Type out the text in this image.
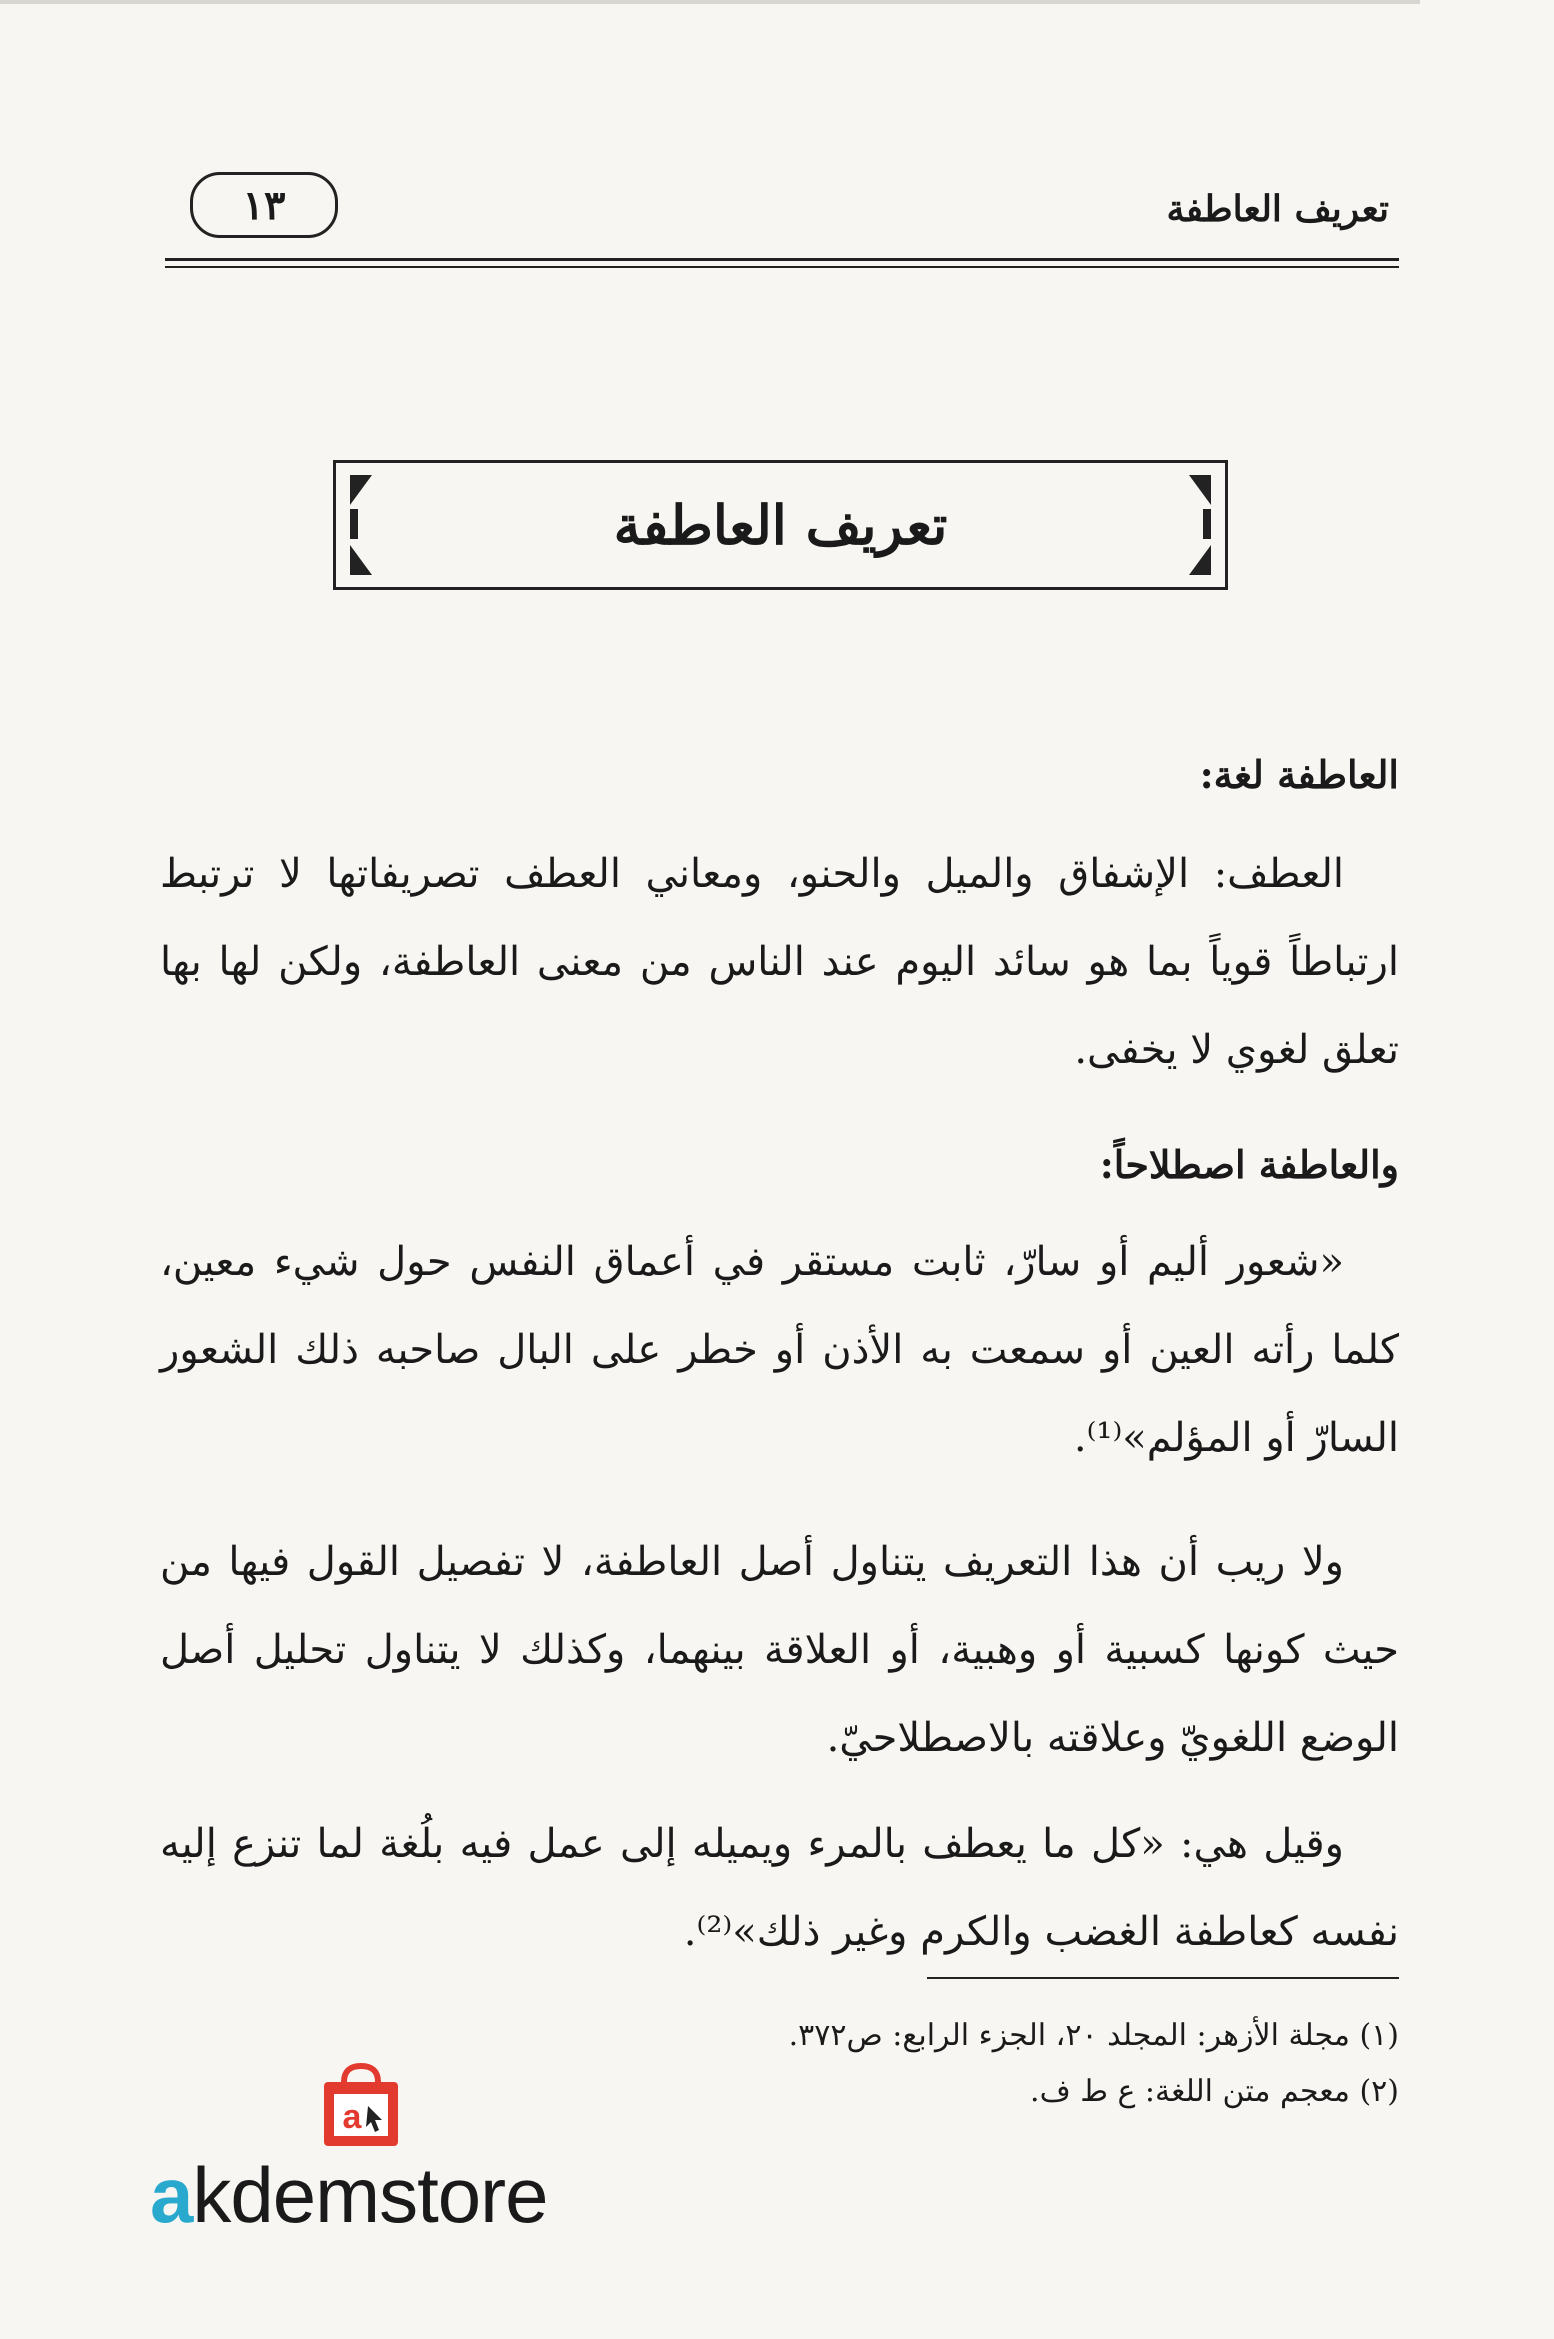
تعريف العاطفة
١٣
تعريف العاطفة
العاطفة لغة:
العطف: الإشفاق والميل والحنو، ومعاني العطف تصريفاتها لا ترتبط ارتباطاً قوياً بما هو سائد اليوم عند الناس من معنى العاطفة، ولكن لها بها تعلق لغوي لا يخفى.
والعاطفة اصطلاحاً:
«شعور أليم أو سارّ، ثابت مستقر في أعماق النفس حول شيء معين، كلما رأته العين أو سمعت به الأذن أو خطر على البال صاحبه ذلك الشعور السارّ أو المؤلم»⁽¹⁾.
ولا ريب أن هذا التعريف يتناول أصل العاطفة، لا تفصيل القول فيها من حيث كونها كسبية أو وهبية، أو العلاقة بينهما، وكذلك لا يتناول تحليل أصل الوضع اللغويّ وعلاقته بالاصطلاحيّ.
وقيل هي: «كل ما يعطف بالمرء ويميله إلى عمل فيه بلُغة لما تنزع إليه نفسه كعاطفة الغضب والكرم وغير ذلك»⁽²⁾.
(١) مجلة الأزهر: المجلد ٢٠، الجزء الرابع: ص٣٧٢.
(٢) معجم متن اللغة: ع ط ف.
a
akdemstore
